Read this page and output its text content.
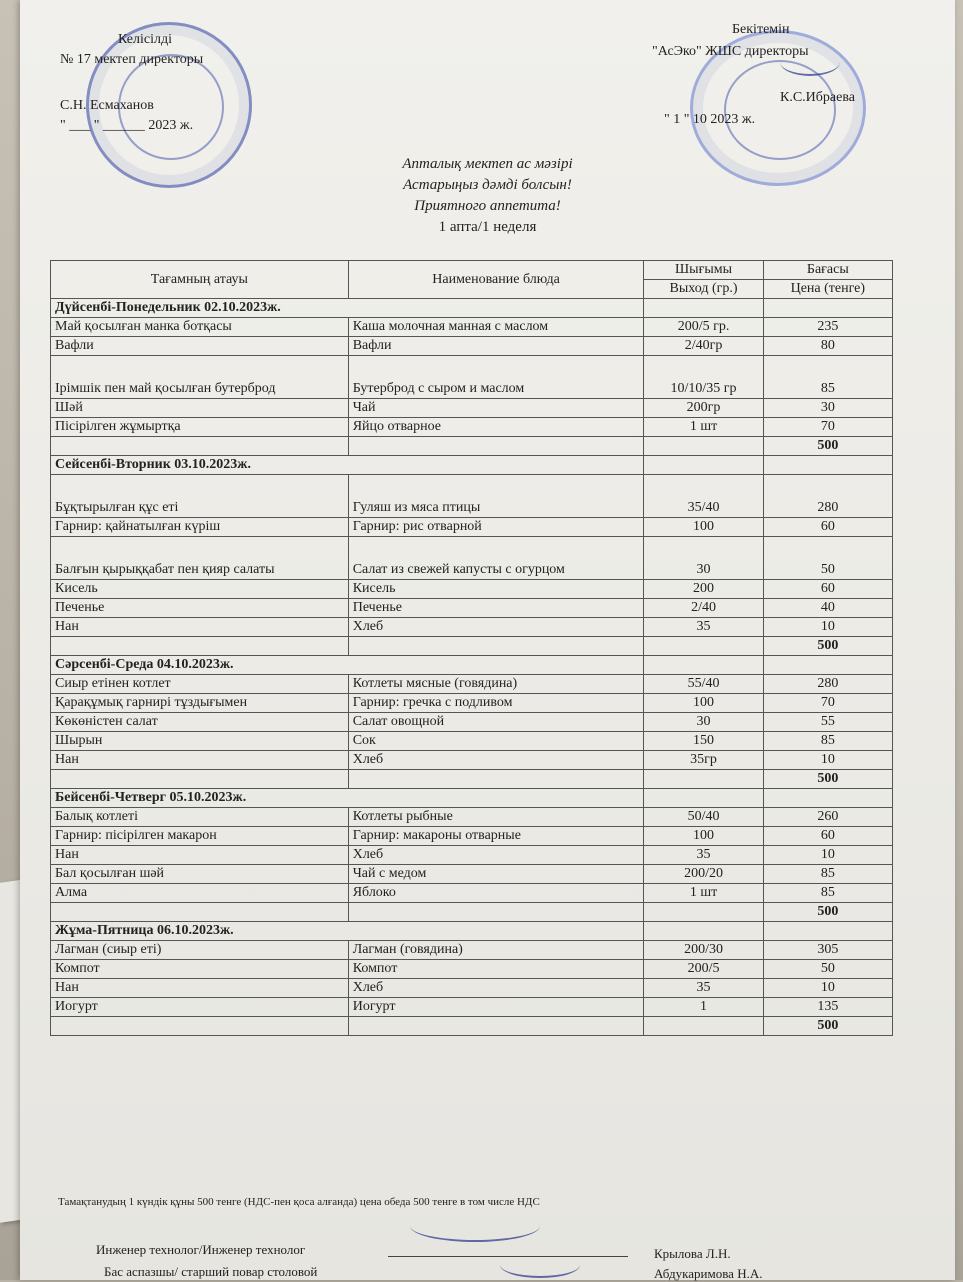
Келісілді
№ 17 мектеп директоры
С.Н. Есмаханов
" ___ " ______ 2023 ж.
Бекітемін
"АсЭко" ЖШС директоры
К.С.Ибраева
" 1 " 10 2023 ж.
Апталық мектеп ас мәзірі
Астарыңыз дәмді болсын!
Приятного аппетита!
1 апта/1 неделя
Тағамның атауы	Наименование блюда	Шығымы	Бағасы
		Выход (гр.)	Цена (тенге)
Дүйсенбі-Понедельник 02.10.2023ж.			
Май қосылған манка ботқасы	Каша молочная манная с маслом	200/5 гр.	235
Вафли	Вафли	2/40гр	80
Ірімшік пен май қосылған бутерброд	Бутерброд с сыром и маслом	10/10/35 гр	85
Шәй	Чай	200гр	30
Пісірілген жұмыртқа	Яйцо отварное	1 шт	70
			500
Сейсенбі-Вторник 03.10.2023ж.			
Бұқтырылған құс еті	Гуляш из мяса птицы	35/40	280
Гарнир: қайнатылған күріш	Гарнир: рис отварной	100	60
Балғын қырыққабат пен қияр салаты	Салат из свежей капусты с огурцом	30	50
Кисель	Кисель	200	60
Печенье	Печенье	2/40	40
Нан	Хлеб	35	10
			500
Сәрсенбі-Среда 04.10.2023ж.			
Сиыр етінен котлет	Котлеты мясные (говядина)	55/40	280
Қарақұмық гарнирі тұздығымен	Гарнир: гречка с подливом	100	70
Көкөністен салат	Салат овощной	30	55
Шырын	Сок	150	85
Нан	Хлеб	35гр	10
			500
Бейсенбі-Четверг 05.10.2023ж.			
Балық котлеті	Котлеты рыбные	50/40	260
Гарнир: пісірілген макарон	Гарнир: макароны отварные	100	60
Нан	Хлеб	35	10
Бал қосылған шәй	Чай с медом	200/20	85
Алма	Яблоко	1 шт	85
			500
Жұма-Пятница 06.10.2023ж.			
Лагман (сиыр еті)	Лагман (говядина)	200/30	305
Компот	Компот	200/5	50
Нан	Хлеб	35	10
Иогурт	Иогурт	1	135
			500
Тамақтанудың 1 күндік құны 500 тенге (НДС-пен қоса алғанда) цена обеда 500 тенге в том числе НДС
Инженер технолог/Инженер технолог	Крылова Л.Н.
Бас аспазшы/ старший повар столовой	Абдукаримова Н.А.
